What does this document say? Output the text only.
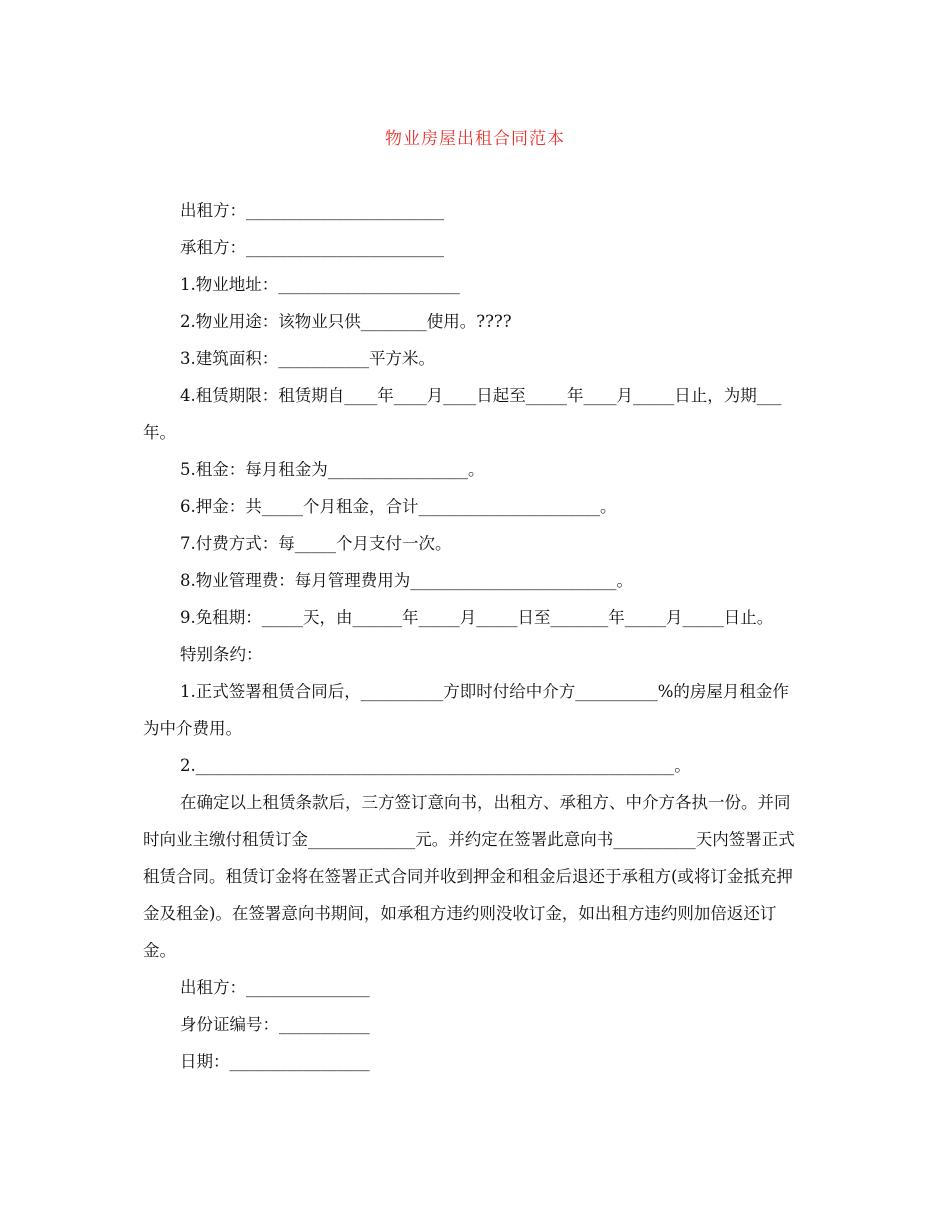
物业房屋出租合同范本

出租方：________________________

承租方：________________________

1.物业地址：______________________

2.物业用途：该物业只供________使用。????

3.建筑面积：___________平方米。

4.租赁期限：租赁期自____年____月____日起至_____年____月_____日止，为期___年。

5.租金：每月租金为_________________。

6.押金：共_____个月租金，合计______________________。

7.付费方式：每_____个月支付一次。

8.物业管理费：每月管理费用为_________________________。

9.免租期：_____天，由______年_____月_____日至_______年_____月_____日止。

特别条约：

1.正式签署租赁合同后，__________方即时付给中介方__________%的房屋月租金作为中介费用。

2.__________________________________________________________。

在确定以上租赁条款后，三方签订意向书，出租方、承租方、中介方各执一份。并同时向业主缴付租赁订金_____________元。并约定在签署此意向书__________天内签署正式租赁合同。租赁订金将在签署正式合同并收到押金和租金后退还于承租方(或将订金抵充押金及租金)。在签署意向书期间，如承租方违约则没收订金，如出租方违约则加倍返还订金。

出租方：_______________

身份证编号：___________

日期：_________________
